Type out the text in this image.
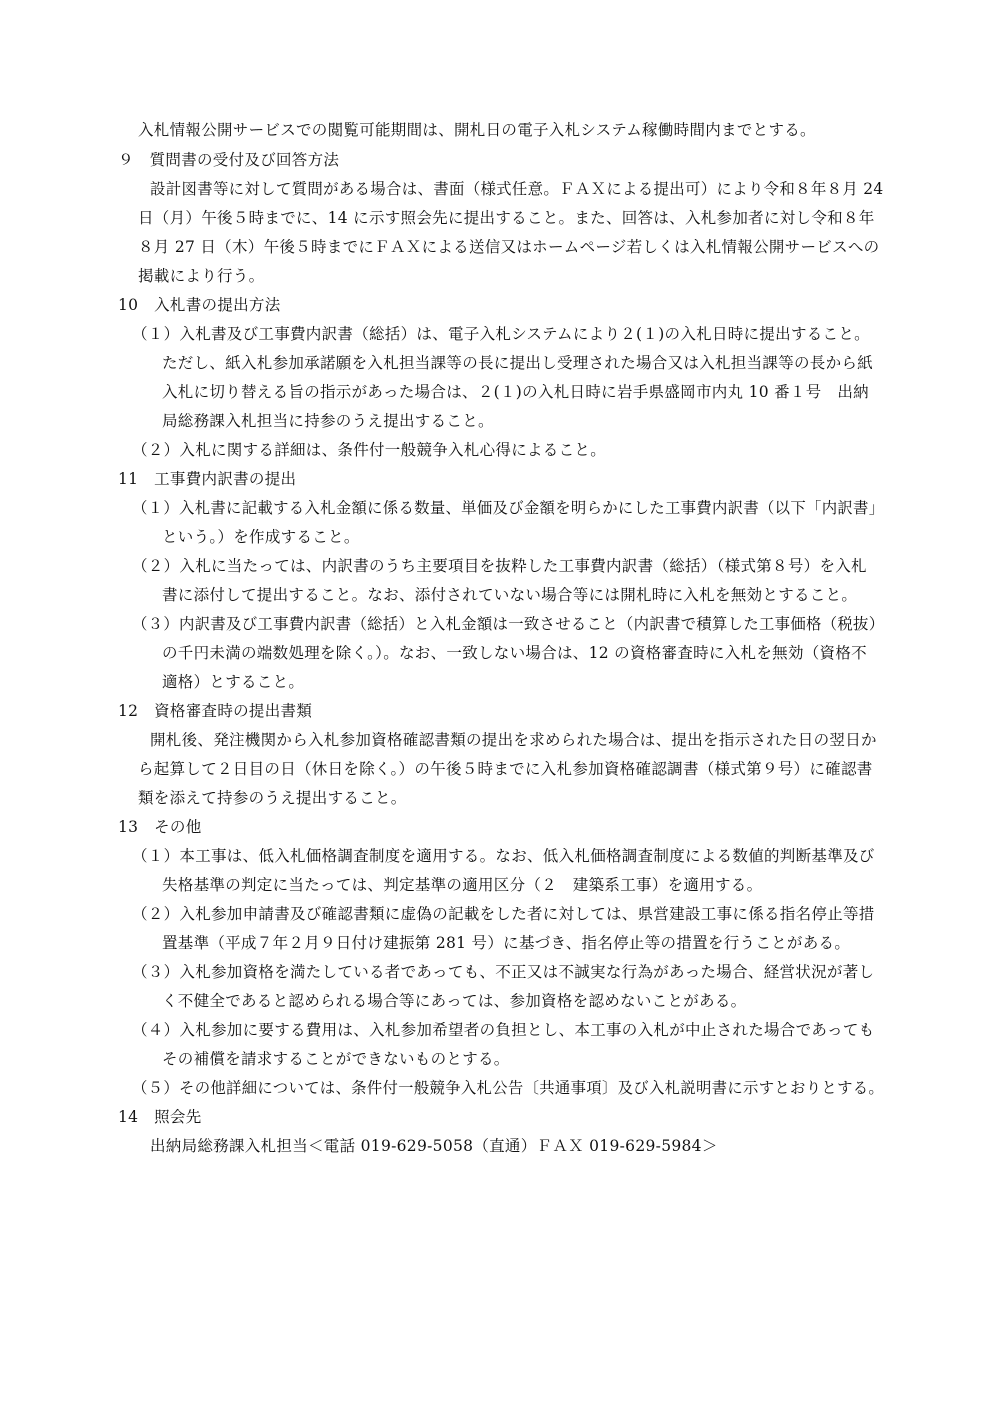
入札情報公開サービスでの閲覧可能期間は、開札日の電子入札システム稼働時間内までとする。
９　質問書の受付及び回答方法
設計図書等に対して質問がある場合は、書面（様式任意。ＦＡＸによる提出可）により令和８年８月 24
日（月）午後５時までに、14 に示す照会先に提出すること。また、回答は、入札参加者に対し令和８年
８月 27 日（木）午後５時までにＦＡＸによる送信又はホームページ若しくは入札情報公開サービスへの
掲載により行う。
10　入札書の提出方法
（１）入札書及び工事費内訳書（総括）は、電子入札システムにより２(１)の入札日時に提出すること。
ただし、紙入札参加承諾願を入札担当課等の長に提出し受理された場合又は入札担当課等の長から紙
入札に切り替える旨の指示があった場合は、２(１)の入札日時に岩手県盛岡市内丸 10 番１号　出納
局総務課入札担当に持参のうえ提出すること。
（２）入札に関する詳細は、条件付一般競争入札心得によること。
11　工事費内訳書の提出
（１）入札書に記載する入札金額に係る数量、単価及び金額を明らかにした工事費内訳書（以下「内訳書」
という。）を作成すること。
（２）入札に当たっては、内訳書のうち主要項目を抜粋した工事費内訳書（総括）（様式第８号）を入札
書に添付して提出すること。なお、添付されていない場合等には開札時に入札を無効とすること。
（３）内訳書及び工事費内訳書（総括）と入札金額は一致させること（内訳書で積算した工事価格（税抜）
の千円未満の端数処理を除く。）。なお、一致しない場合は、12 の資格審査時に入札を無効（資格不
適格）とすること。
12　資格審査時の提出書類
開札後、発注機関から入札参加資格確認書類の提出を求められた場合は、提出を指示された日の翌日か
ら起算して２日目の日（休日を除く。）の午後５時までに入札参加資格確認調書（様式第９号）に確認書
類を添えて持参のうえ提出すること。
13　その他
（１）本工事は、低入札価格調査制度を適用する。なお、低入札価格調査制度による数値的判断基準及び
失格基準の判定に当たっては、判定基準の適用区分（２　建築系工事）を適用する。
（２）入札参加申請書及び確認書類に虚偽の記載をした者に対しては、県営建設工事に係る指名停止等措
置基準（平成７年２月９日付け建振第 281 号）に基づき、指名停止等の措置を行うことがある。
（３）入札参加資格を満たしている者であっても、不正又は不誠実な行為があった場合、経営状況が著し
く不健全であると認められる場合等にあっては、参加資格を認めないことがある。
（４）入札参加に要する費用は、入札参加希望者の負担とし、本工事の入札が中止された場合であっても
その補償を請求することができないものとする。
（５）その他詳細については、条件付一般競争入札公告〔共通事項〕及び入札説明書に示すとおりとする。
14　照会先
出納局総務課入札担当＜電話 019-629-5058（直通）ＦＡＸ 019-629-5984＞
